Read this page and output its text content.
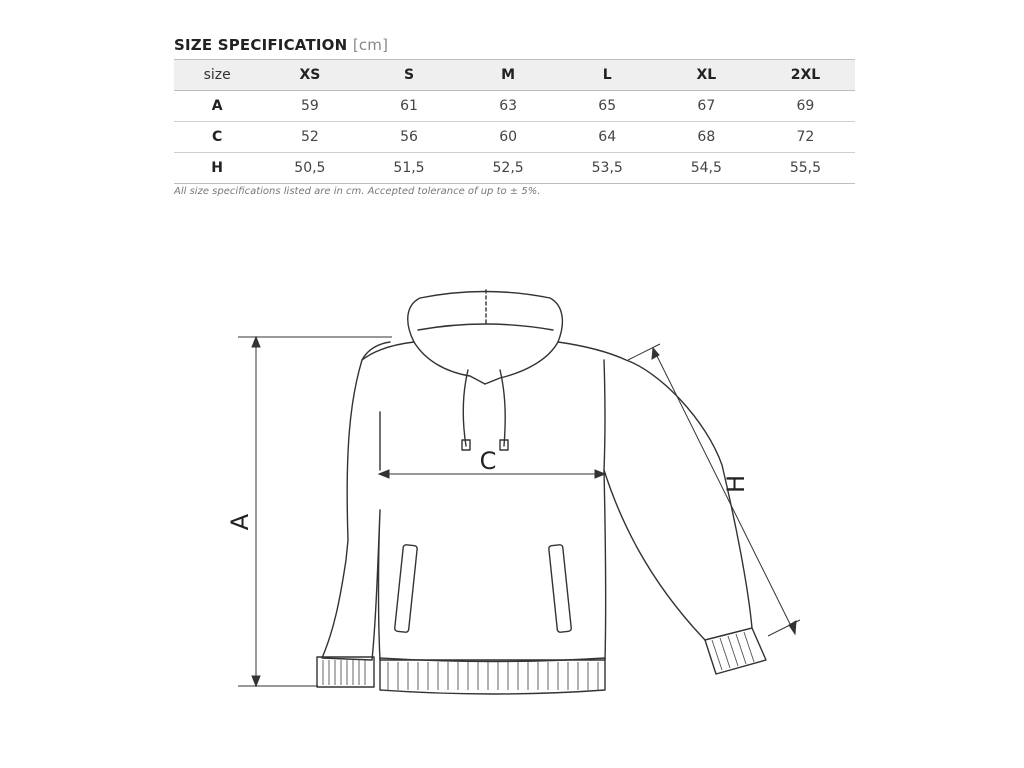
SIZE SPECIFICATION [cm]
size	XS	S	M	L	XL	2XL
A	59	61	63	65	67	69
C	52	56	60	64	68	72
H	50,5	51,5	52,5	53,5	54,5	55,5
All size specifications listed are in cm. Accepted tolerance of up to ± 5%.
A
C
H
